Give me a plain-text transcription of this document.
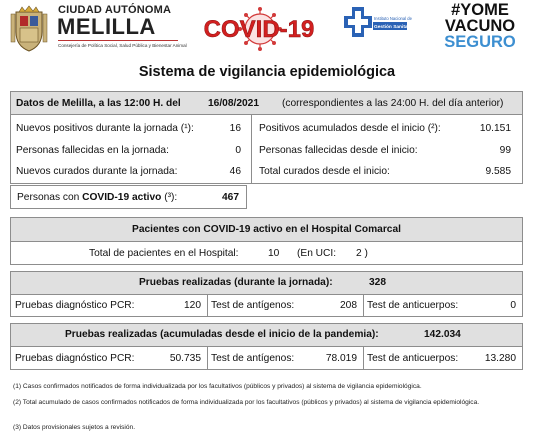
CIUDAD AUTÓNOMA
MELILLA
Consejería de Política Social, Salud Pública y Bienestar Animal
COVID-19	Instituto Nacional de
Gestión Sanitaria
#YOME
VACUNO
SEGURO
Sistema de vigilancia epidemiológica
Datos de Melilla, a las 12:00 H. del	16/08/2021 (correspondientes a las 24:00 H. del día anterior)
Nuevos positivos durante la jornada (¹):	16 Positivos acumulados desde el inicio (²):	10.151
Personas fallecidas en la jornada:	0 Personas fallecidas desde el inicio:	99
Nuevos curados durante la jornada:	46 Total curados desde el inicio:	9.585
Personas con COVID-19 activo (³):	467
Pacientes con COVID-19 activo en el Hospital Comarcal
Total de pacientes en el Hospital:	10 (En UCI: 2 )
Pruebas realizadas (durante la jornada):	328
Pruebas diagnóstico PCR:	120 Test de antígenos:	208 Test de anticuerpos:	0
Pruebas realizadas (acumuladas desde el inicio de la pandemia):	142.034
Pruebas diagnóstico PCR:	50.735 Test de antígenos:	78.019 Test de anticuerpos:	13.280
(1) Casos confirmados notificados de forma individualizada por los facultativos (públicos y privados) al sistema de vigilancia epidemiológica.
(2) Total acumulado de casos confirmados notificados de forma individualizada por los facultativos (públicos y privados) al sistema de vigilancia epidemiológica.
(3) Datos provisionales sujetos a revisión.
